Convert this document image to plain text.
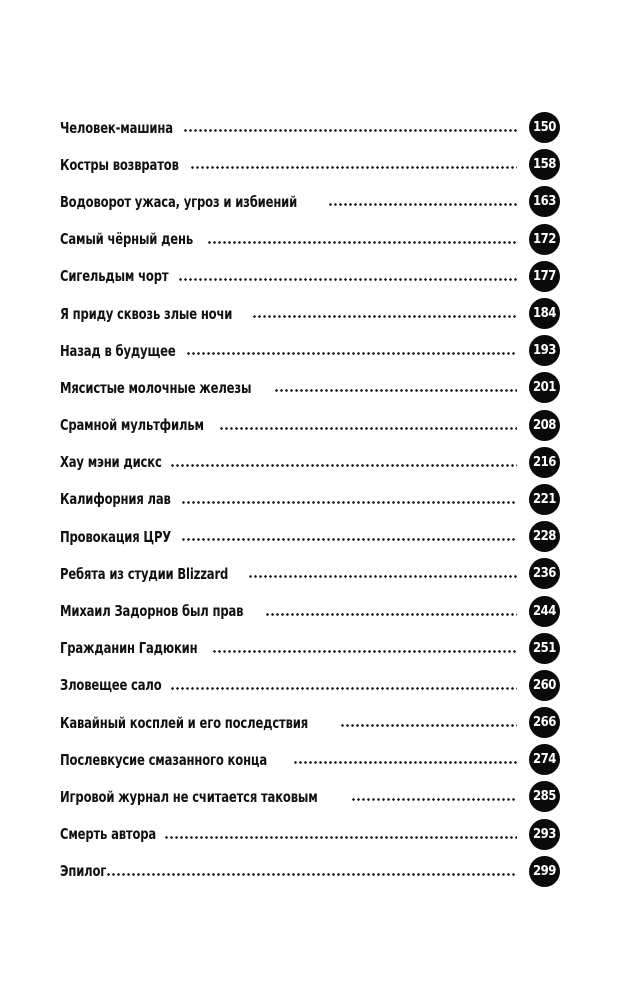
Человек-машина	150
Костры возвратов	158
Водоворот ужаса, угроз и избиений	163
Самый чёрный день	172
Сигельдым чорт	177
Я приду сквозь злые ночи	184
Назад в будущее	193
Мясистые молочные железы	201
Срамной мультфильм	208
Хау мэни дискс	216
Калифорния лав	221
Провокация ЦРУ	228
Ребята из студии Blizzard	236
Михаил Задорнов был прав	244
Гражданин Гадюкин	251
Зловещее сало	260
Кавайный косплей и его последствия	266
Послевкусие смазанного конца	274
Игровой журнал не считается таковым	285
Смерть автора	293
Эпилог	299
